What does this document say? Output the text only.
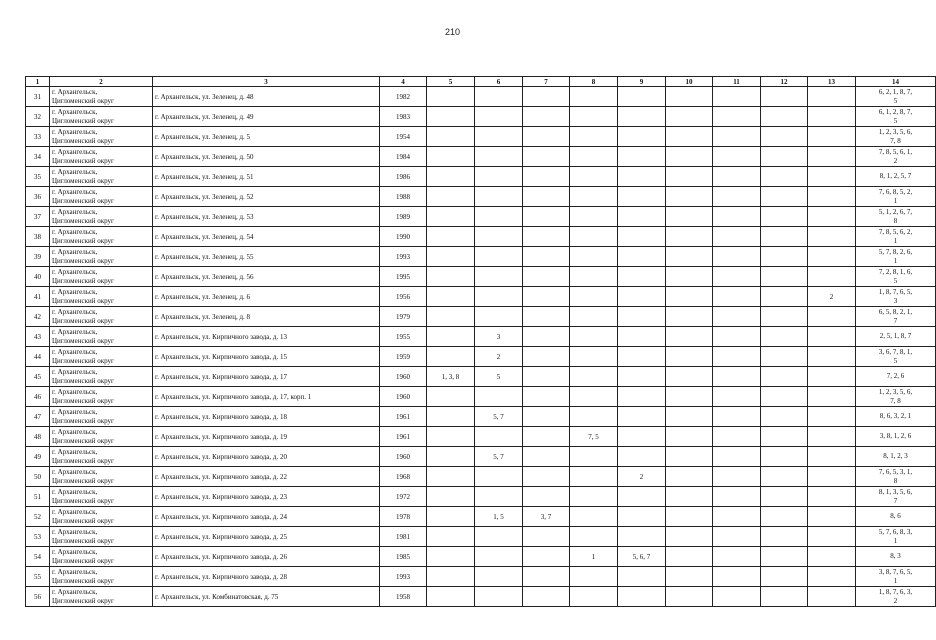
210
1	2	3	4	5	6	7	8	9	10	11	12	13	14
31	г. Архангельск,
Цигломенский округ	г. Архангельск, ул. Зеленец, д. 48	1982										6, 2, 1, 8, 7,
5
32	г. Архангельск,
Цигломенский округ	г. Архангельск, ул. Зеленец, д. 49	1983										6, 1, 2, 8, 7,
5
33	г. Архангельск,
Цигломенский округ	г. Архангельск, ул. Зеленец, д. 5	1954										1, 2, 3, 5, 6,
7, 8
34	г. Архангельск,
Цигломенский округ	г. Архангельск, ул. Зеленец, д. 50	1984										7, 8, 5, 6, 1,
2
35	г. Архангельск,
Цигломенский округ	г. Архангельск, ул. Зеленец, д. 51	1986										8, 1, 2, 5, 7
36	г. Архангельск,
Цигломенский округ	г. Архангельск, ул. Зеленец, д. 52	1988										7, 6, 8, 5, 2,
1
37	г. Архангельск,
Цигломенский округ	г. Архангельск, ул. Зеленец, д. 53	1989										5, 1, 2, 6, 7,
8
38	г. Архангельск,
Цигломенский округ	г. Архангельск, ул. Зеленец, д. 54	1990										7, 8, 5, 6, 2,
1
39	г. Архангельск,
Цигломенский округ	г. Архангельск, ул. Зеленец, д. 55	1993										5, 7, 8, 2, 6,
1
40	г. Архангельск,
Цигломенский округ	г. Архангельск, ул. Зеленец, д. 56	1995										7, 2, 8, 1, 6,
5
41	г. Архангельск,
Цигломенский округ	г. Архангельск, ул. Зеленец, д. 6	1956									2	1, 8, 7, 6, 5,
3
42	г. Архангельск,
Цигломенский округ	г. Архангельск, ул. Зеленец, д. 8	1979										6, 5, 8, 2, 1,
7
43	г. Архангельск,
Цигломенский округ	г. Архангельск, ул. Кирпичного завода, д. 13	1955		3								2, 5, 1, 8, 7
44	г. Архангельск,
Цигломенский округ	г. Архангельск, ул. Кирпичного завода, д. 15	1959		2								3, 6, 7, 8, 1,
5
45	г. Архангельск,
Цигломенский округ	г. Архангельск, ул. Кирпичного завода, д. 17	1960	1, 3, 8	5								7, 2, 6
46	г. Архангельск,
Цигломенский округ	г. Архангельск, ул. Кирпичного завода, д. 17, корп. 1	1960										1, 2, 3, 5, 6,
7, 8
47	г. Архангельск,
Цигломенский округ	г. Архангельск, ул. Кирпичного завода, д. 18	1961		5, 7								8, 6, 3, 2, 1
48	г. Архангельск,
Цигломенский округ	г. Архангельск, ул. Кирпичного завода, д. 19	1961				7, 5						3, 8, 1, 2, 6
49	г. Архангельск,
Цигломенский округ	г. Архангельск, ул. Кирпичного завода, д. 20	1960		5, 7								8, 1, 2, 3
50	г. Архангельск,
Цигломенский округ	г. Архангельск, ул. Кирпичного завода, д. 22	1968					2					7, 6, 5, 3, 1,
8
51	г. Архангельск,
Цигломенский округ	г. Архангельск, ул. Кирпичного завода, д. 23	1972										8, 1, 3, 5, 6,
7
52	г. Архангельск,
Цигломенский округ	г. Архангельск, ул. Кирпичного завода, д. 24	1978		1, 5	3, 7							8, 6
53	г. Архангельск,
Цигломенский округ	г. Архангельск, ул. Кирпичного завода, д. 25	1981										5, 7, 6, 8, 3,
1
54	г. Архангельск,
Цигломенский округ	г. Архангельск, ул. Кирпичного завода, д. 26	1985				1	5, 6, 7					8, 3
55	г. Архангельск,
Цигломенский округ	г. Архангельск, ул. Кирпичного завода, д. 28	1993										3, 8, 7, 6, 5,
1
56	г. Архангельск,
Цигломенский округ	г. Архангельск, ул. Комбинатовская, д. 75	1958										1, 8, 7, 6, 3,
2
